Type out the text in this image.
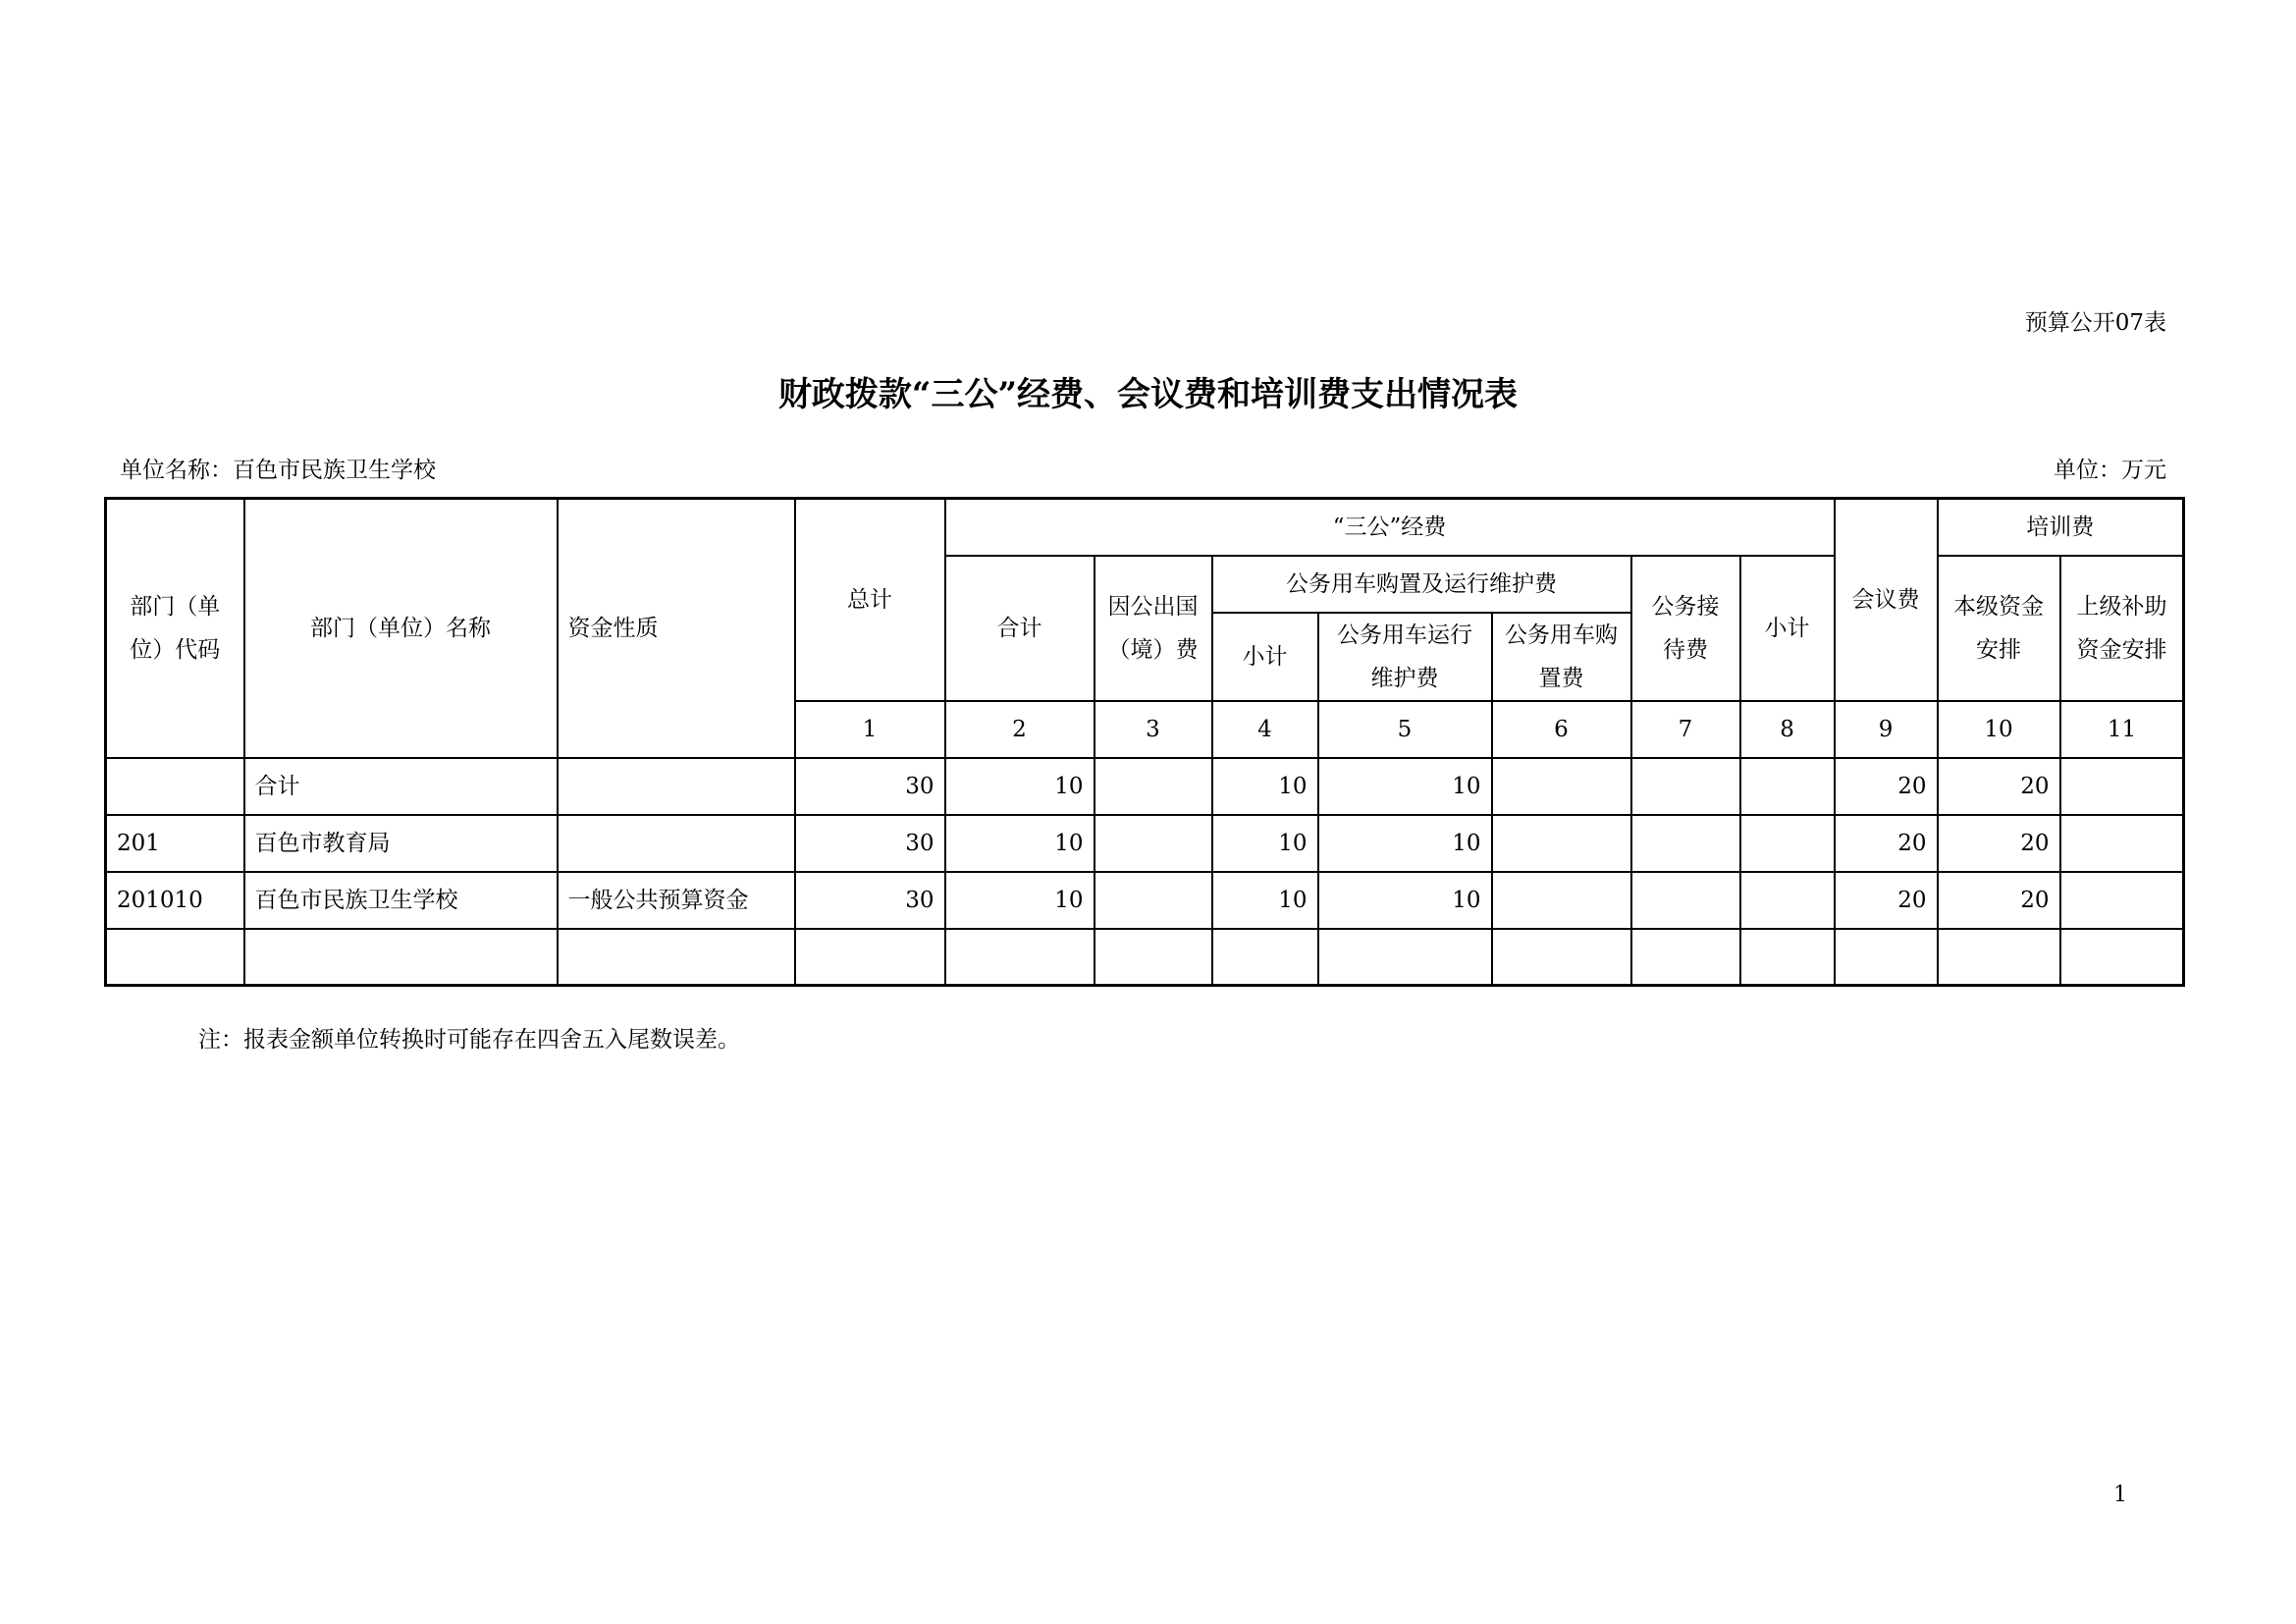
预算公开07表
财政拨款“三公”经费、会议费和培训费支出情况表
单位名称：百色市民族卫生学校	单位：万元
部门（单位）代码	部门（单位）名称	资金性质	总计	“三公”经费							会议费	培训费	
				合计	因公出国（境）费	公务用车购置及运行维护费			公务接待费	小计		本级资金安排	上级补助资金安排
						小计	公务用车运行维护费	公务用车购置费					
			1	2	3	4	5	6	7	8	9	10	11
	合计		30	10		10	10				20	20	
201	百色市教育局		30	10		10	10				20	20	
201010	百色市民族卫生学校	一般公共预算资金	30	10		10	10				20	20	

注：报表金额单位转换时可能存在四舍五入尾数误差。
1
